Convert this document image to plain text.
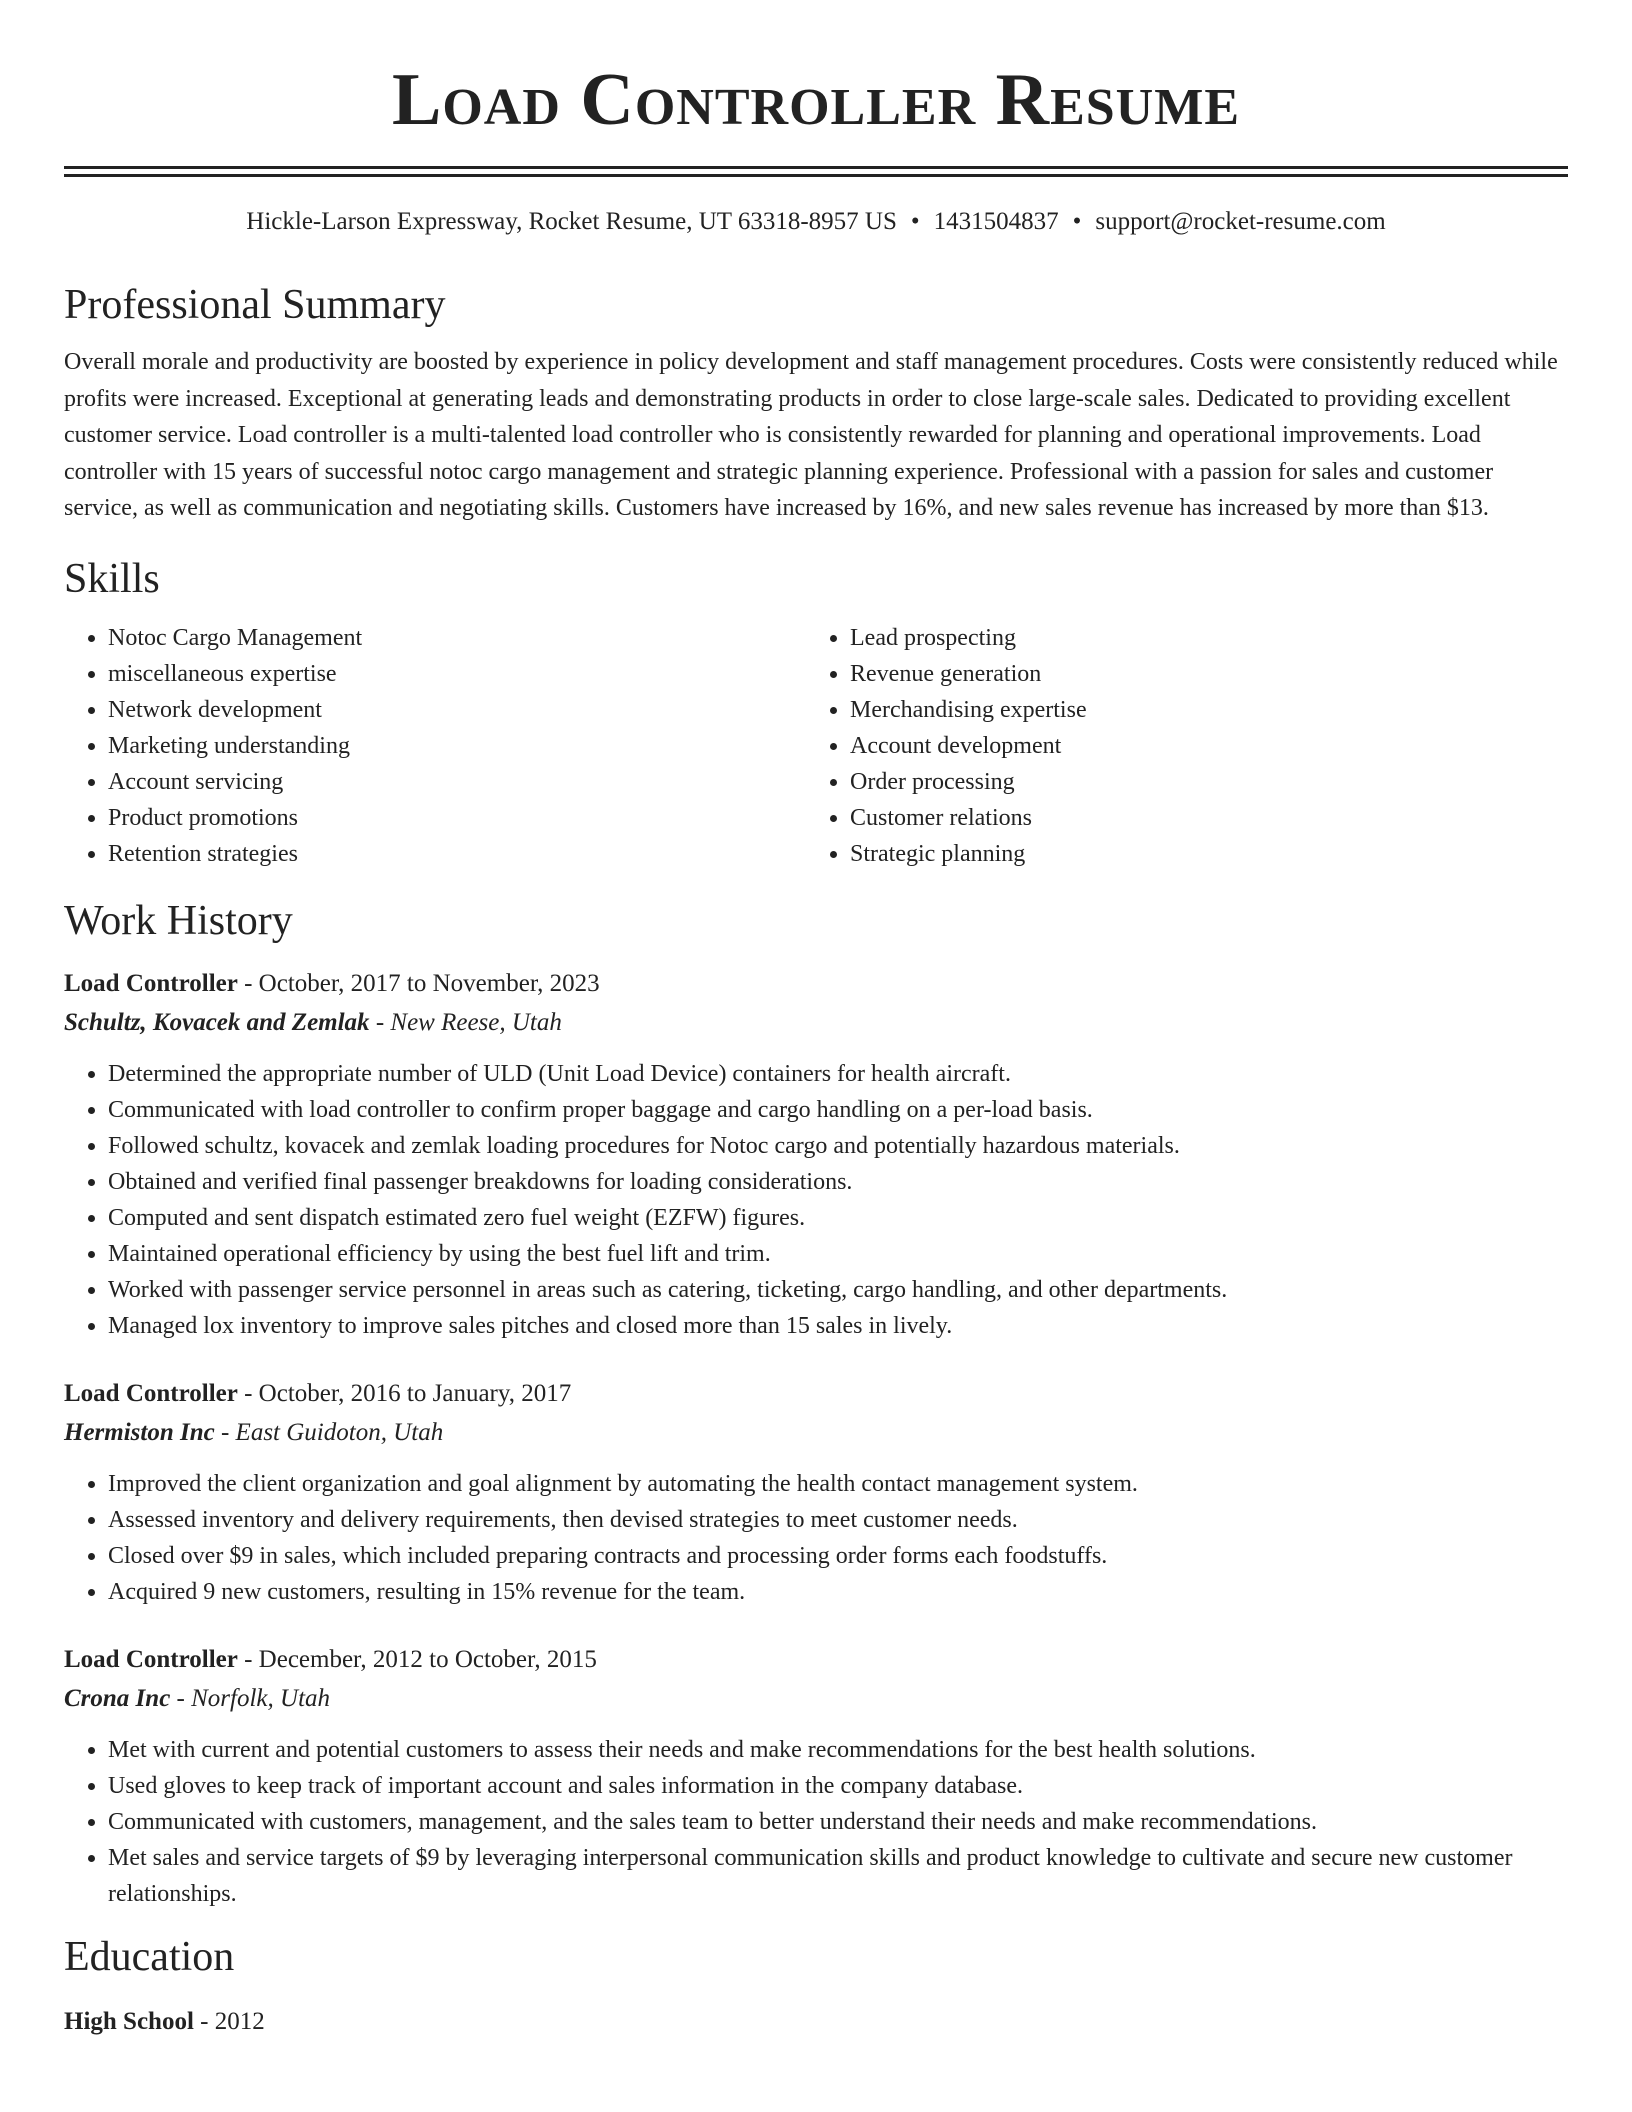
Load Controller Resume
Hickle-Larson Expressway, Rocket Resume, UT 63318-8957 US • 1431504837 • support@rocket-resume.com
Professional Summary
Overall morale and productivity are boosted by experience in policy development and staff management procedures. Costs were consistently reduced while profits were increased. Exceptional at generating leads and demonstrating products in order to close large-scale sales. Dedicated to providing excellent customer service. Load controller is a multi-talented load controller who is consistently rewarded for planning and operational improvements. Load controller with 15 years of successful notoc cargo management and strategic planning experience. Professional with a passion for sales and customer service, as well as communication and negotiating skills. Customers have increased by 16%, and new sales revenue has increased by more than $13.
Skills
• Notoc Cargo Management
• miscellaneous expertise
• Network development
• Marketing understanding
• Account servicing
• Product promotions
• Retention strategies
• Lead prospecting
• Revenue generation
• Merchandising expertise
• Account development
• Order processing
• Customer relations
• Strategic planning
Work History
Load Controller - October, 2017 to November, 2023
Schultz, Kovacek and Zemlak - New Reese, Utah
• Determined the appropriate number of ULD (Unit Load Device) containers for health aircraft.
• Communicated with load controller to confirm proper baggage and cargo handling on a per-load basis.
• Followed schultz, kovacek and zemlak loading procedures for Notoc cargo and potentially hazardous materials.
• Obtained and verified final passenger breakdowns for loading considerations.
• Computed and sent dispatch estimated zero fuel weight (EZFW) figures.
• Maintained operational efficiency by using the best fuel lift and trim.
• Worked with passenger service personnel in areas such as catering, ticketing, cargo handling, and other departments.
• Managed lox inventory to improve sales pitches and closed more than 15 sales in lively.
Load Controller - October, 2016 to January, 2017
Hermiston Inc - East Guidoton, Utah
• Improved the client organization and goal alignment by automating the health contact management system.
• Assessed inventory and delivery requirements, then devised strategies to meet customer needs.
• Closed over $9 in sales, which included preparing contracts and processing order forms each foodstuffs.
• Acquired 9 new customers, resulting in 15% revenue for the team.
Load Controller - December, 2012 to October, 2015
Crona Inc - Norfolk, Utah
• Met with current and potential customers to assess their needs and make recommendations for the best health solutions.
• Used gloves to keep track of important account and sales information in the company database.
• Communicated with customers, management, and the sales team to better understand their needs and make recommendations.
• Met sales and service targets of $9 by leveraging interpersonal communication skills and product knowledge to cultivate and secure new customer relationships.
Education
High School - 2012
